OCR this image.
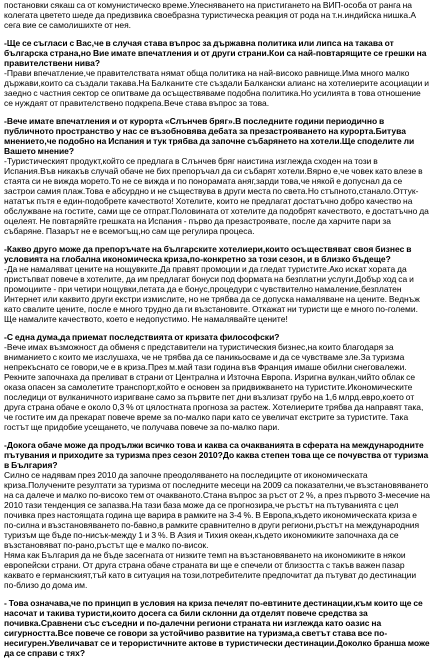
постановки сякаш са от комунистическо време.Улесняването на пристигането на ВИП-особа от ранга на колегата цветето шеде да предизвика своебразна туристическа реакция от рода на т.н.индийска нишка.А сега вие се самолишихте от нея.
-Ще се съгласи с Вас,че в случая става въпрос за държавна политика или липса на такава от българска страна,но Вие имате впечатления и от други страни.Кои са най-повтарящите се грешки на правителствени нива?
-Прави впечатление,че правителствата нямат обща политика на най-високо равнище.Има много малко държави,които са създали такава.На Балканите сте създали Балкански алианс на хотелиерите асоциации и заедно с частния сектор се опитваме да осъществяваме подобна политика.Но усилията в това отношение се нуждаят от правителствено подкрепа.Вече става въпрос за това.
-Вече имате впечатления и от курорта «Слънчев бряг».В последните години периодично в публичното пространство у нас се възобновява дебата за презастрояването на курорта.Битува мнението,че подобно на Испания и тук трябва да започне събарянето на хотели.Ще споделите ли Вашето мнение?
-Туристическият продукт,който се предлага в Слънчев бряг наистина изглежда сходен на този в Испания.Във никакъв случай обаче не бих препоръчал да си събарят хотели.Вярно е,че човек като влезе в стаята си не вижда морето.То не се вижда и по понорамата аняг,зарди това,че някой е допуснал да се застрои самия плаж.Това е абсурдно и не съществува в други места по света.Но стъпното,станало.Оттук-нататък пътя е един-подобрете качеството! Хотелите, които не предлагат достатъчно добро качество на обслужване на гостите, сами ще се отпрат.Половината от хотелите да подобрят качеството, е достатъчно да оцелеят. Не повтаряйте грешката на Испания - първо да презастроявате, после да харчите пари за събаряне. Пазарът не е всемогъщ,но сам ще регулира процеса.
-Какво друго може да препоръчате на българските хотелиери,които осъществяват своя бизнес в условията на глобална икономическа криза,по-конкретно за този сезон, и в близко бъдеще?
-Да не намаляват цените на нощувките.Да правят промоции и да гледат туристите.Ако искат хората да пристъпват повече в хотелите, да им предлагат бонуси под формата на безплатни услуги.Добър ход са и промоциите - при четири нощувки,петата да е бонус,процедури с чувствително намаление,безплатен Интернет или каквито други екстри измислите, но не трябва да се допуска намаляване на цените. Веднъж като свалите цените, после е много трудно да ги възстановите. Откажат ни туристи ще е много по-големи. Ще намалите качеството, което е недопустимо. Не намалявайте цените!
-С една дума,да приемат последствията от кризата философски?
-Вече имах възможност да обменя с представители на туристическия бизнес,на които благодаря за вниманието с които ме изслушаха, че не трябва да се паникьосваме и да се чувстваме зле.За туризма непрекъснато се говори,че е в криза.През м.май тази година във Франция имаше обилни снеговалежи. Рекните започнаха да преливат в страни от Централна и Източна Европа. Изригна вулкан,чийто облак се оказа опасен за самолетите транспорт,който е основен за придвижването на туристите.Икономическите последици от вулканичното изригване само за първите пет дни възлизат грубо на 1,6 млрд.евро,което от друга страна обаче е около 0,3 % от цялостната прогноза за растеж. Хотелиерите трябва да направят така, че гостите им да прекарат повече време за по-малко пари като се увеличат екстрите за туристите. Така гостът ще придобие усещането, че получава повече за по-малко пари.
-Докога обаче може да продължи всичко това и каква са очакванията в сферата на международните пътувания и приходите за туризма през сезон 2010?До каква степен това ще се почувства от туризма в България?
Силно се надявам през 2010 да започне преодоляването на последиците от икономическата криза.Получените резултати за туризма от последните месеци на 2009 са показателни,че възстановяването на са далече и малко по-високо тем от очакваното.Стана въпрос за ръст от 2 %, а през първото 3-месечие на 2010 тази тенденция се запазва.На тази база може да се прогнозира,че ръстът на пътуванията с цел почивка през настоящата година ще варира в рамките на 3-4 %. В Европа,където икономическата криза е по-силна и възстановяването по-бавно,в рамките сравнително в други региони,ръстът на международния туризъм ще бъде по-нисък-между 1 и 3 %. В Азия и Тихия океан,където икономиките започнаха да се възстановяват по-рано,ръстът ще е малко по-висок.
Няма как България да не бъде засегната от низките темп на възстановяването на икономиките в някои европейски страни. От друга страна обаче страната ви ще е спечели от близостта с такъв важен пазар каквато е германският,тъй като в ситуация на този,потребителите предпочитат да пътуват до дестинации по-близо до дома им.
- Това означава,че по принцип в условия на криза печелят по-евтините дестинации,към които ще се насочат и такива туристи,които досега са били склонни да отделят повече средства за почивка.Сравнени със съседни и по-далечни региони страната ни изглежда като оазис на сигурността.Все повече се говори за устойчиво развитие на туризма,а светът става все по-несигурен.Увеличават се и терористичните актове в туристически дестинации.Доколко бранша може да се справи с тях?
